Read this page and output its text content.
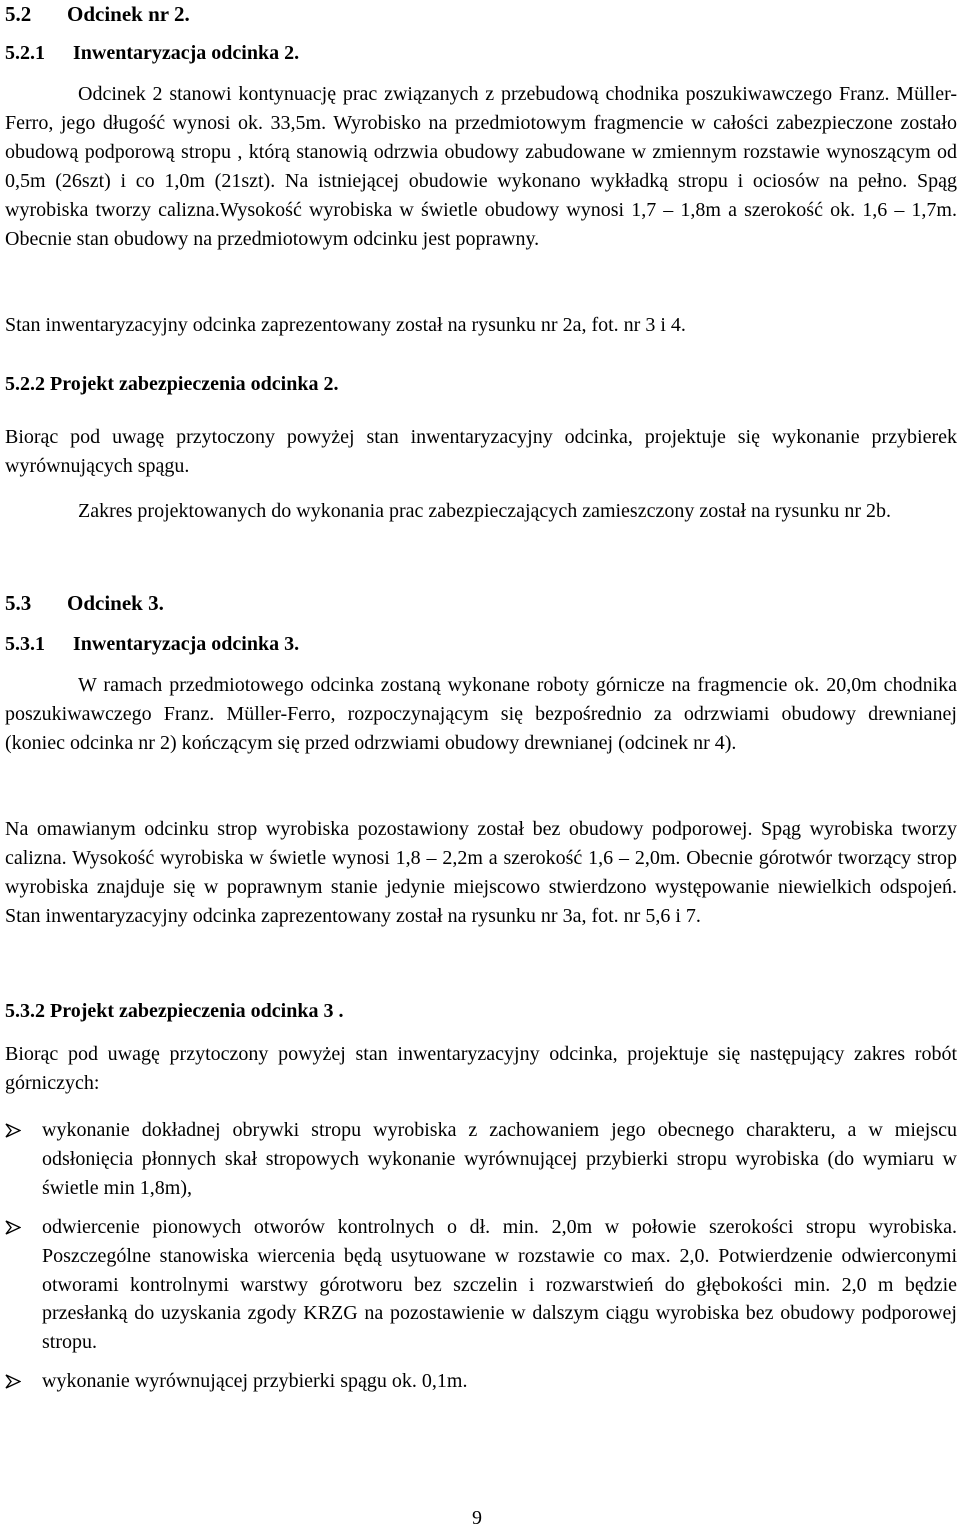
5.2 Odcinek nr 2.
5.2.1 Inwentaryzacja odcinka 2.
Odcinek 2 stanowi kontynuację prac związanych z przebudową chodnika poszukiwawczego Franz. Müller-Ferro, jego długość wynosi ok. 33,5m. Wyrobisko na przedmiotowym fragmencie w całości zabezpieczone zostało obudową podporową stropu , którą stanowią odrzwia obudowy zabudowane w zmiennym rozstawie wynoszącym od 0,5m (26szt) i co 1,0m (21szt). Na istniejącej obudowie wykonano wykładką stropu i ociosów na pełno. Spąg wyrobiska tworzy calizna.Wysokość wyrobiska w świetle obudowy wynosi 1,7 – 1,8m a szerokość ok. 1,6 – 1,7m. Obecnie stan obudowy na przedmiotowym odcinku jest poprawny.
Stan inwentaryzacyjny odcinka zaprezentowany został na rysunku nr 2a, fot. nr 3 i 4.
5.2.2 Projekt zabezpieczenia odcinka 2.
Biorąc pod uwagę przytoczony powyżej stan inwentaryzacyjny odcinka, projektuje się wykonanie przybierek wyrównujących spągu.
Zakres projektowanych do wykonania prac zabezpieczających zamieszczony został na rysunku nr 2b.
5.3 Odcinek 3.
5.3.1 Inwentaryzacja odcinka 3.
W ramach przedmiotowego odcinka zostaną wykonane roboty górnicze na fragmencie ok. 20,0m chodnika poszukiwawczego Franz. Müller-Ferro, rozpoczynającym się bezpośrednio za odrzwiami obudowy drewnianej (koniec odcinka nr 2) kończącym się przed odrzwiami obudowy drewnianej (odcinek nr 4).
Na omawianym odcinku strop wyrobiska pozostawiony został bez obudowy podporowej. Spąg wyrobiska tworzy calizna. Wysokość wyrobiska w świetle wynosi 1,8 – 2,2m a szerokość 1,6 – 2,0m. Obecnie górotwór tworzący strop wyrobiska znajduje się w poprawnym stanie jedynie miejscowo stwierdzono występowanie niewielkich odspojeń. Stan inwentaryzacyjny odcinka zaprezentowany został na rysunku nr 3a, fot. nr 5,6 i 7.
5.3.2 Projekt zabezpieczenia odcinka 3 .
Biorąc pod uwagę przytoczony powyżej stan inwentaryzacyjny odcinka, projektuje się następujący zakres robót górniczych:
wykonanie dokładnej obrywki stropu wyrobiska z zachowaniem jego obecnego charakteru, a w miejscu odsłonięcia płonnych skał stropowych wykonanie wyrównującej przybierki stropu wyrobiska (do wymiaru w świetle min 1,8m),
odwiercenie pionowych otworów kontrolnych o dł. min. 2,0m w połowie szerokości stropu wyrobiska. Poszczególne stanowiska wiercenia będą usytuowane w rozstawie co max. 2,0. Potwierdzenie odwierconymi otworami kontrolnymi warstwy górotworu bez szczelin i rozwarstwień do głębokości min. 2,0 m będzie przesłanką do uzyskania zgody KRZG na pozostawienie w dalszym ciągu wyrobiska bez obudowy podporowej stropu.
wykonanie wyrównującej przybierki spągu ok. 0,1m.
9
